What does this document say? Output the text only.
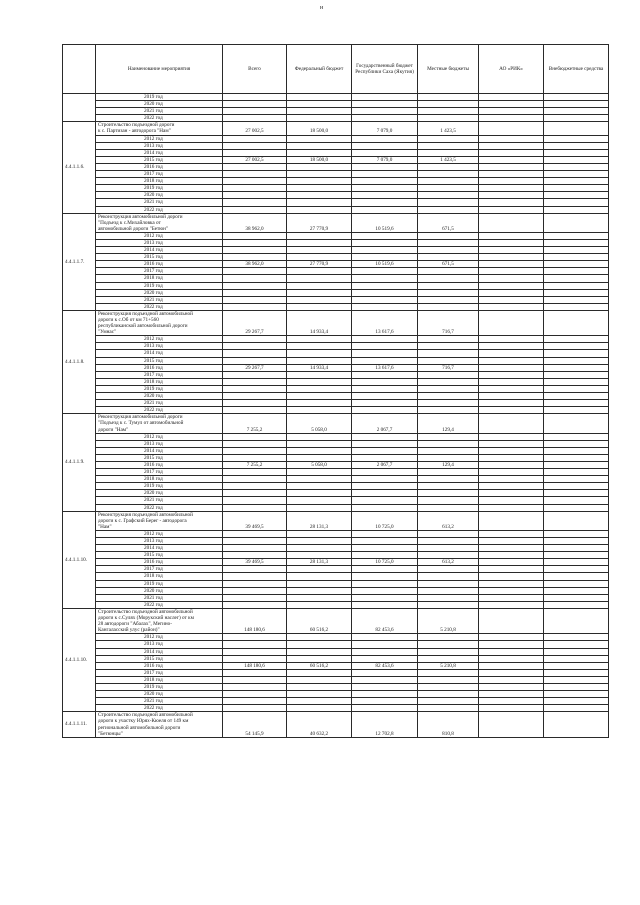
н
	Наименование мероприятия	Всего	Федеральный бюджет	Государственный бюджет Республики Саха (Якутия)	Местные бюджеты	АО «РИК»	Внебюджетные средства
	2019 год						
	2020 год						
	2021 год						
	2022 год						
4.4.1.1.6.	Строительство подъездной дороги
к с. Партизан - автодорога "Нам"	27 002,5	18 500,0	7 079,0	1 423,5		
	2012 год						
	2013 год						
	2014 год						
	2015 год	27 002,5	18 500,0	7 079,0	1 423,5		
	2016 год						
	2017 год						
	2018 год						
	2019 год						
	2020 год						
	2021 год						
	2022 год						
4.4.1.1.7.	Реконструкция автомобильной дороги
"Подъезд к с.Михайловка от
автомобильной дороги "Бетюн"	38 962,0	27 770,9	10 519,6	671,5		
	2012 год						
	2013 год						
	2014 год						
	2015 год						
	2016 год	38 962,0	27 770,9	10 519,6	671,5		
	2017 год						
	2018 год						
	2019 год						
	2020 год						
	2021 год						
	2022 год						
4.4.1.1.8.	Реконструкция подъездной автомобильной
дороги к с.Об от км 71+560
республиканской автомобильной дороги
"Умнас"	29 267,7	14 933,4	13 617,6	716,7		
	2012 год						
	2013 год						
	2014 год						
	2015 год						
	2016 год	29 267,7	14 933,4	13 617,6	716,7		
	2017 год						
	2018 год						
	2019 год						
	2020 год						
	2021 год						
	2022 год						
4.4.1.1.9.	Реконструкция автомобильной дороги
"Подъезд к с. Тумул от автомобильной
дороги "Нам"	7 255,2	5 058,0	2 067,7	129,4		
	2012 год						
	2013 год						
	2014 год						
	2015 год						
	2016 год	7 255,2	5 058,0	2 067,7	129,4		
	2017 год						
	2018 год						
	2019 год						
	2020 год						
	2021 год						
	2022 год						
4.4.1.1.10.	Реконструкция подъездной автомобильной
дороги к с. Графский Берег - автодорога
"Нам"	39 469,5	28 131,3	10 725,0	613,2		
	2012 год						
	2013 год						
	2014 год						
	2015 год						
	2016 год	39 469,5	28 131,3	10 725,0	613,2		
	2017 год						
	2018 год						
	2019 год						
	2020 год						
	2021 год						
	2022 год						
4.4.1.1.10.	Строительство подъездной автомобильной
дороги к с.Сулях (Морукский наслег) от км
28 автодороги "Абалах", Мегино-
Кангаласский улус (район)"	148 180,6	60 516,2	82 453,6	5 210,8		
	2012 год						
	2013 год						
	2014 год						
	2015 год						
	2016 год	148 180,6	60 516,2	82 453,6	5 210,8		
	2017 год						
	2018 год						
	2019 год						
	2020 год						
	2021 год						
	2022 год						
4.4.1.1.11.	Строительство подъездной автомобильной
дороги к участку Юрях-Кюеля от 149 км
региональной автомобильной дороги
"Бетюнцы"	54 145,9	40 632,2	12 702,8	810,8		
